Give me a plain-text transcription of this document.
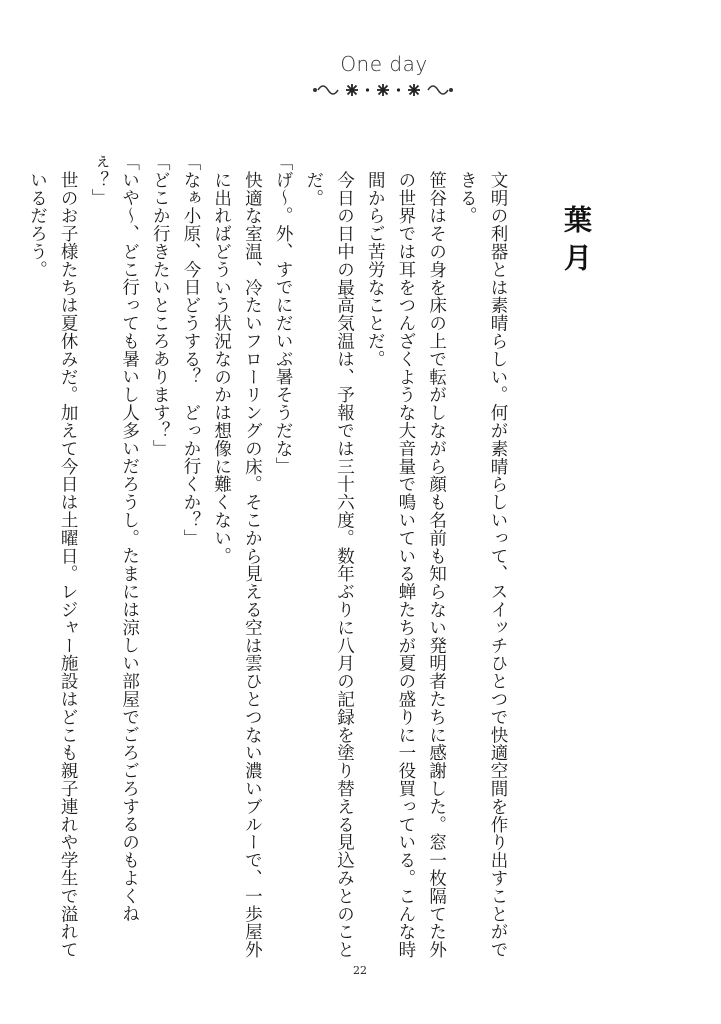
One day
葉月
文明の利器とは素晴らしい。何が素晴らしいって、スイッチひとつで快適空間を作り出すことができる。
笹谷はその身を床の上で転がしながら顔も名前も知らない発明者たちに感謝した。窓一枚隔てた外の世界では耳をつんざくような大音量で鳴いている蝉たちが夏の盛りに一役買っている。こんな時間からご苦労なことだ。
今日の日中の最高気温は、予報では三十六度。数年ぶりに八月の記録を塗り替える見込みとのことだ。
「げ〜。外、すでにだいぶ暑そうだな」
快適な室温、冷たいフローリングの床。そこから見える空は雲ひとつない濃いブルーで、一歩屋外に出ればどういう状況なのかは想像に難くない。
「なぁ小原、今日どうする？　どっか行くか？」
「どこか行きたいところあります？」
「いや〜、どこ行っても暑いし人多いだろうし。たまには涼しい部屋でごろごろするのもよくねぇ？」
世のお子様たちは夏休みだ。加えて今日は土曜日。レジャー施設はどこも親子連れや学生で溢れているだろう。
22
